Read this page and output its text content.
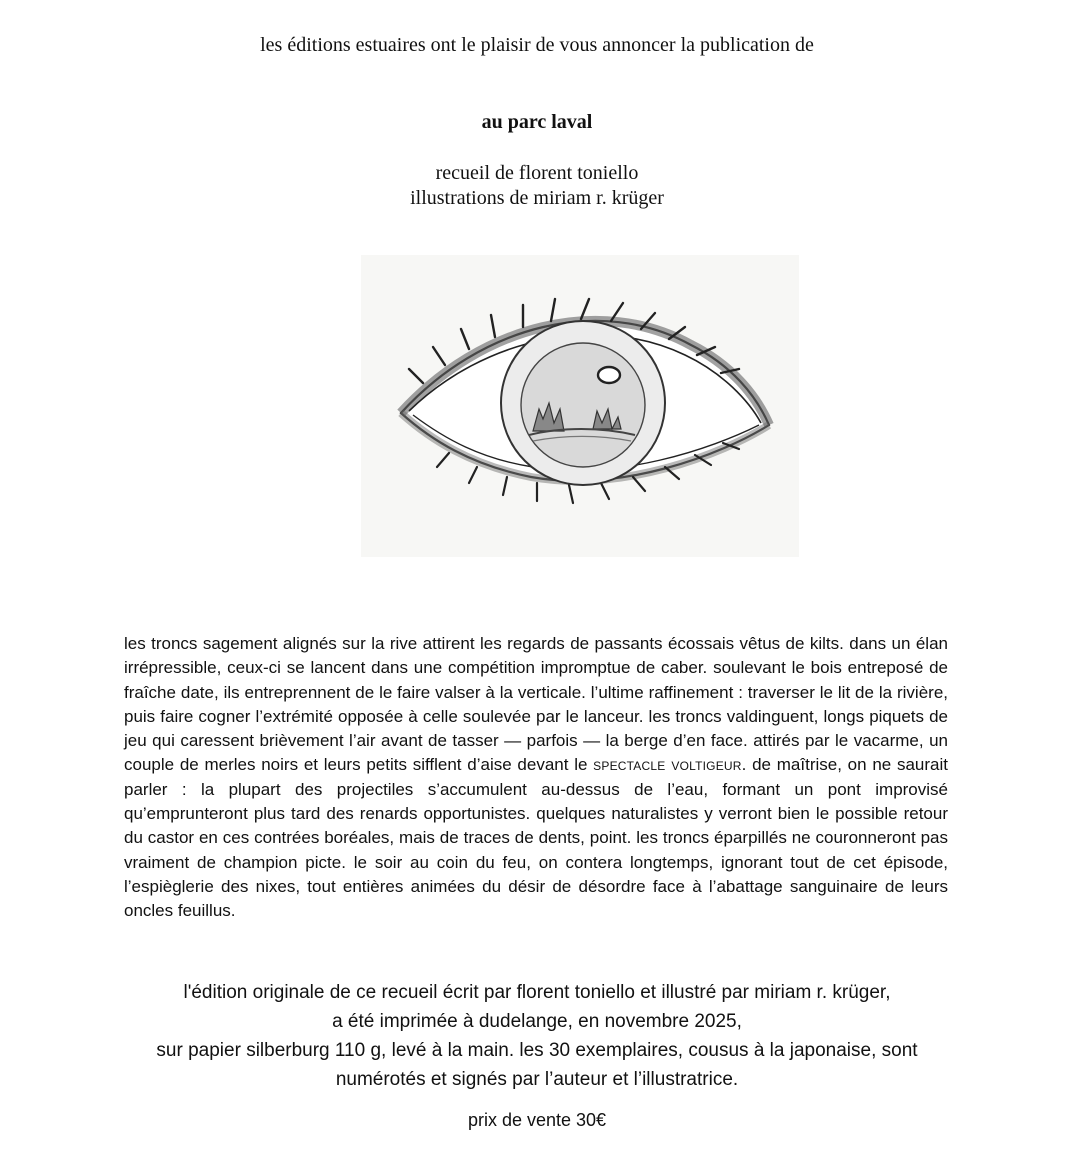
les éditions estuaires ont le plaisir de vous annoncer la publication de
au parc laval
recueil de florent toniello
illustrations de miriam r. krüger
les troncs sagement alignés sur la rive attirent les regards de passants écossais vêtus de kilts. dans un élan irrépressible, ceux-ci se lancent dans une compétition impromptue de caber. soulevant le bois entreposé de fraîche date, ils entreprennent de le faire valser à la verticale. l’ultime raffinement : traverser le lit de la rivière, puis faire cogner l’extrémité opposée à celle soulevée par le lanceur. les troncs valdinguent, longs piquets de jeu qui caressent brièvement l’air avant de tasser — parfois — la berge d’en face. attirés par le vacarme, un couple de merles noirs et leurs petits sifflent d’aise devant le spectacle voltigeur. de maîtrise, on ne saurait parler : la plupart des projectiles s’accumulent au-dessus de l’eau, formant un pont improvisé qu’emprunteront plus tard des renards opportunistes. quelques naturalistes y verront bien le possible retour du castor en ces contrées boréales, mais de traces de dents, point. les troncs éparpillés ne couronneront pas vraiment de champion picte. le soir au coin du feu, on contera longtemps, ignorant tout de cet épisode, l’espièglerie des nixes, tout entières animées du désir de désordre face à l’abattage sanguinaire de leurs oncles feuillus.
l'édition originale de ce recueil écrit par florent toniello et illustré par miriam r. krüger,
a été imprimée à dudelange, en novembre 2025,
sur papier silberburg 110 g, levé à la main. les 30 exemplaires, cousus à la japonaise, sont
numérotés et signés par l’auteur et l’illustratrice.
prix de vente 30€
